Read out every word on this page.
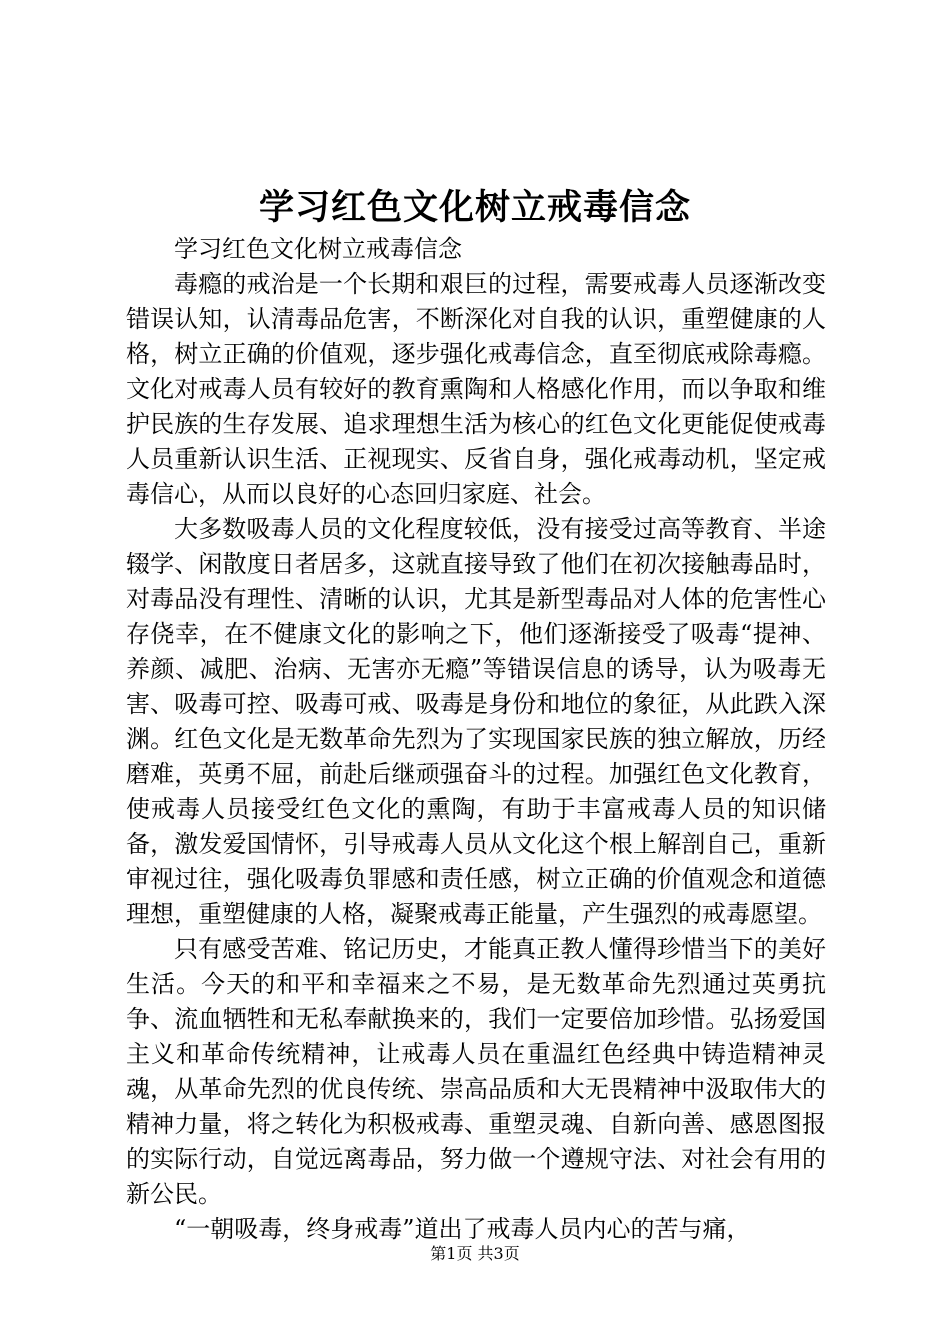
学习红色文化树立戒毒信念

学习红色文化树立戒毒信念

毒瘾的戒治是一个长期和艰巨的过程，需要戒毒人员逐渐改变错误认知，认清毒品危害，不断深化对自我的认识，重塑健康的人格，树立正确的价值观，逐步强化戒毒信念，直至彻底戒除毒瘾。文化对戒毒人员有较好的教育熏陶和人格感化作用，而以争取和维护民族的生存发展、追求理想生活为核心的红色文化更能促使戒毒人员重新认识生活、正视现实、反省自身，强化戒毒动机，坚定戒毒信心，从而以良好的心态回归家庭、社会。

大多数吸毒人员的文化程度较低，没有接受过高等教育、半途辍学、闲散度日者居多，这就直接导致了他们在初次接触毒品时，对毒品没有理性、清晰的认识，尤其是新型毒品对人体的危害性心存侥幸，在不健康文化的影响之下，他们逐渐接受了吸毒“提神、养颜、减肥、治病、无害亦无瘾”等错误信息的诱导，认为吸毒无害、吸毒可控、吸毒可戒、吸毒是身份和地位的象征，从此跌入深渊。红色文化是无数革命先烈为了实现国家民族的独立解放，历经磨难，英勇不屈，前赴后继顽强奋斗的过程。加强红色文化教育，使戒毒人员接受红色文化的熏陶，有助于丰富戒毒人员的知识储备，激发爱国情怀，引导戒毒人员从文化这个根上解剖自己，重新审视过往，强化吸毒负罪感和责任感，树立正确的价值观念和道德理想，重塑健康的人格，凝聚戒毒正能量，产生强烈的戒毒愿望。

只有感受苦难、铭记历史，才能真正教人懂得珍惜当下的美好生活。今天的和平和幸福来之不易，是无数革命先烈通过英勇抗争、流血牺牲和无私奉献换来的，我们一定要倍加珍惜。弘扬爱国主义和革命传统精神，让戒毒人员在重温红色经典中铸造精神灵魂，从革命先烈的优良传统、崇高品质和大无畏精神中汲取伟大的精神力量，将之转化为积极戒毒、重塑灵魂、自新向善、感恩图报的实际行动，自觉远离毒品，努力做一个遵规守法、对社会有用的新公民。

“一朝吸毒，终身戒毒”道出了戒毒人员内心的苦与痛，

第1页 共3页
